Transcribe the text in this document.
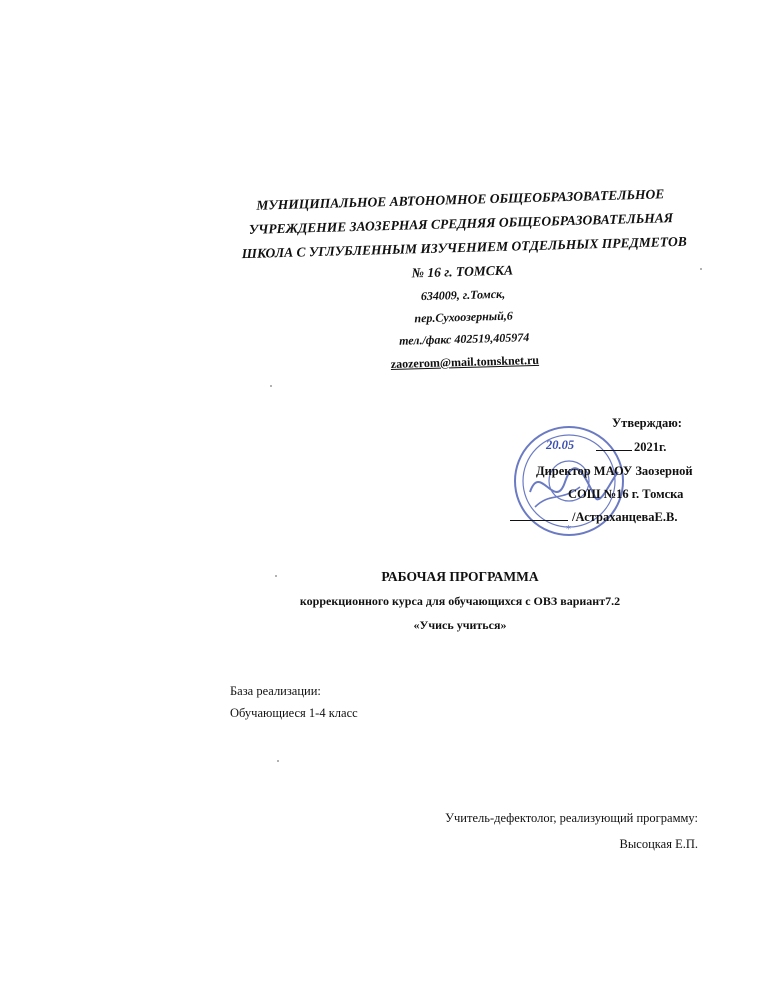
МУНИЦИПАЛЬНОЕ АВТОНОМНОЕ ОБЩЕОБРАЗОВАТЕЛЬНОЕ
УЧРЕЖДЕНИЕ ЗАОЗЕРНАЯ СРЕДНЯЯ ОБЩЕОБРАЗОВАТЕЛЬНАЯ
ШКОЛА С УГЛУБЛЕННЫМ ИЗУЧЕНИЕМ ОТДЕЛЬНЫХ ПРЕДМЕТОВ
№ 16 г. ТОМСКА
634009, г.Томск,
пер.Сухоозерный,6
тел./факс 402519,405974
zaozerom@mail.tomsknet.ru
*
Утверждаю:
20.05	2021г.
Директор МАОУ Заозерной
СОШ №16 г. Томска
/АстраханцеваЕ.В.
РАБОЧАЯ ПРОГРАММА
коррекционного курса для обучающихся с ОВЗ вариант7.2
«Учись учиться»
База реализации:
Обучающиеся 1-4 класс
Учитель-дефектолог, реализующий программу:
Высоцкая Е.П.
